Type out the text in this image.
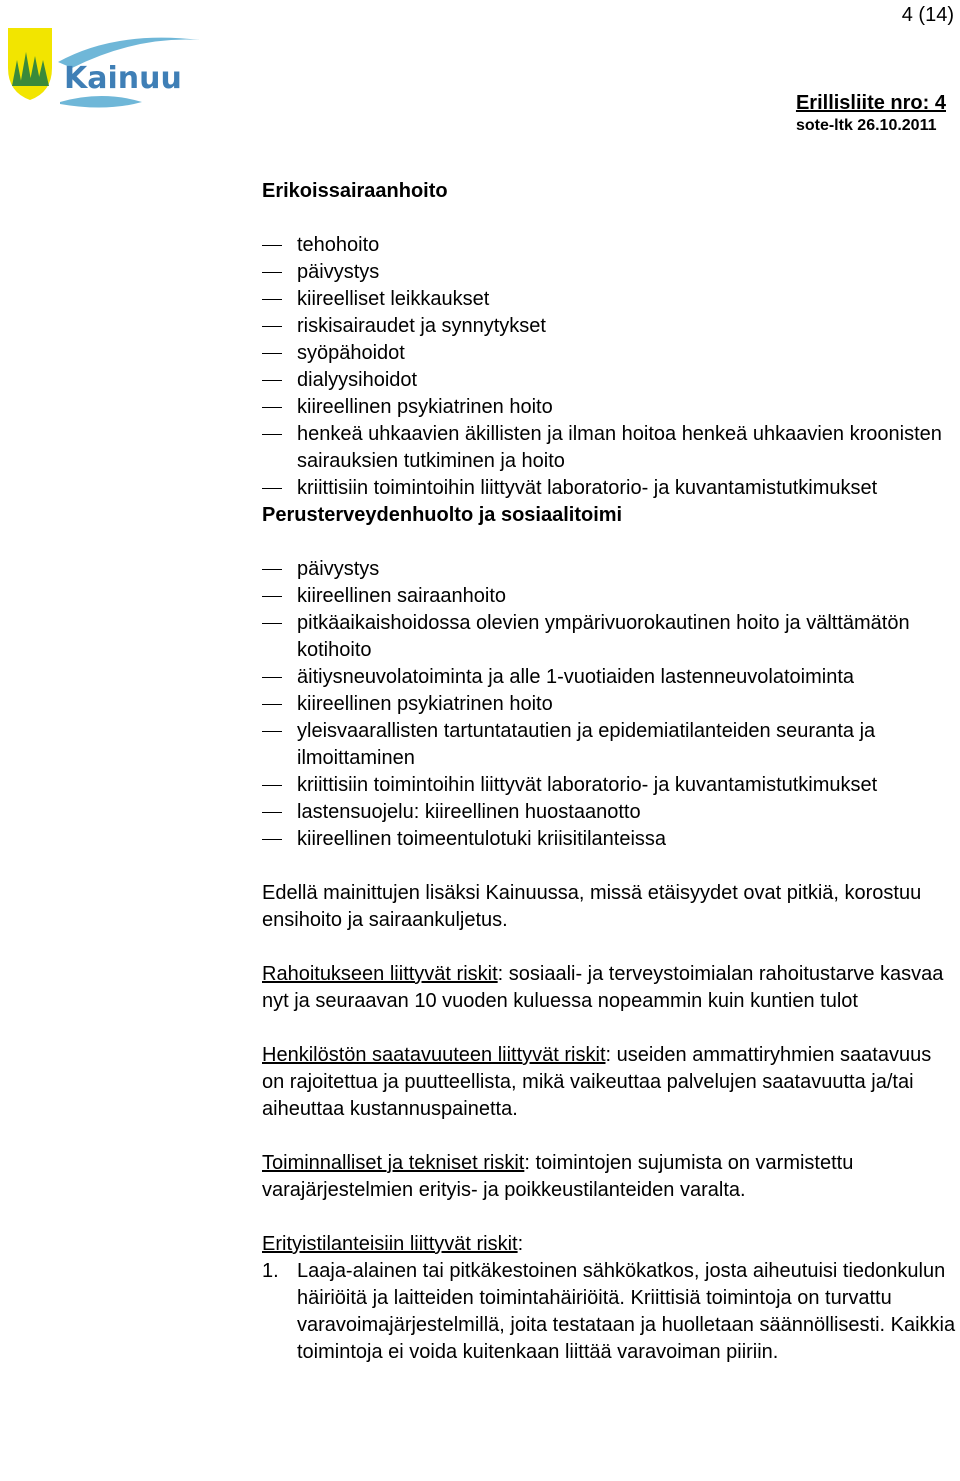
4 (14)
Kainuu
Erillisliite nro: 4
sote-ltk 26.10.2011
Erikoissairaanhoito
tehohoito
päivystys
kiireelliset leikkaukset
riskisairaudet ja synnytykset
syöpähoidot
dialyysihoidot
kiireellinen psykiatrinen hoito
henkeä uhkaavien äkillisten ja ilman hoitoa henkeä uhkaavien kroonisten sairauksien tutkiminen ja hoito
kriittisiin toimintoihin liittyvät laboratorio- ja kuvantamistutkimukset
Perusterveydenhuolto ja sosiaalitoimi
päivystys
kiireellinen sairaanhoito
pitkäaikaishoidossa olevien ympärivuorokautinen hoito ja välttämätön kotihoito
äitiysneuvolatoiminta ja alle 1-vuotiaiden lastenneuvolatoiminta
kiireellinen psykiatrinen hoito
yleisvaarallisten tartuntatautien ja epidemiatilanteiden seuranta ja ilmoittaminen
kriittisiin toimintoihin liittyvät laboratorio- ja kuvantamistutkimukset
lastensuojelu: kiireellinen huostaanotto
kiireellinen toimeentulotuki kriisitilanteissa

Edellä mainittujen lisäksi Kainuussa, missä etäisyydet ovat pitkiä, korostuu ensihoito ja sairaankuljetus.

Rahoitukseen liittyvät riskit: sosiaali- ja terveystoimialan rahoitustarve kasvaa nyt ja seuraavan 10 vuoden kuluessa nopeammin kuin kuntien tulot

Henkilöstön saatavuuteen liittyvät riskit: useiden ammattiryhmien saatavuus on rajoitettua ja puutteellista, mikä vaikeuttaa palvelujen saatavuutta ja/tai aiheuttaa kustannuspainetta.

Toiminnalliset ja tekniset riskit: toimintojen sujumista on varmistettu varajärjestelmien erityis- ja poikkeustilanteiden varalta.

Erityistilanteisiin liittyvät riskit:

1. Laaja-alainen tai pitkäkestoinen sähkökatkos, josta aiheutuisi tiedonkulun häiriöitä ja laitteiden toimintahäiriöitä. Kriittisiä toimintoja on turvattu varavoimajärjestelmillä, joita testataan ja huolletaan säännöllisesti. Kaikkia toimintoja ei voida kuitenkaan liittää varavoiman piiriin.
